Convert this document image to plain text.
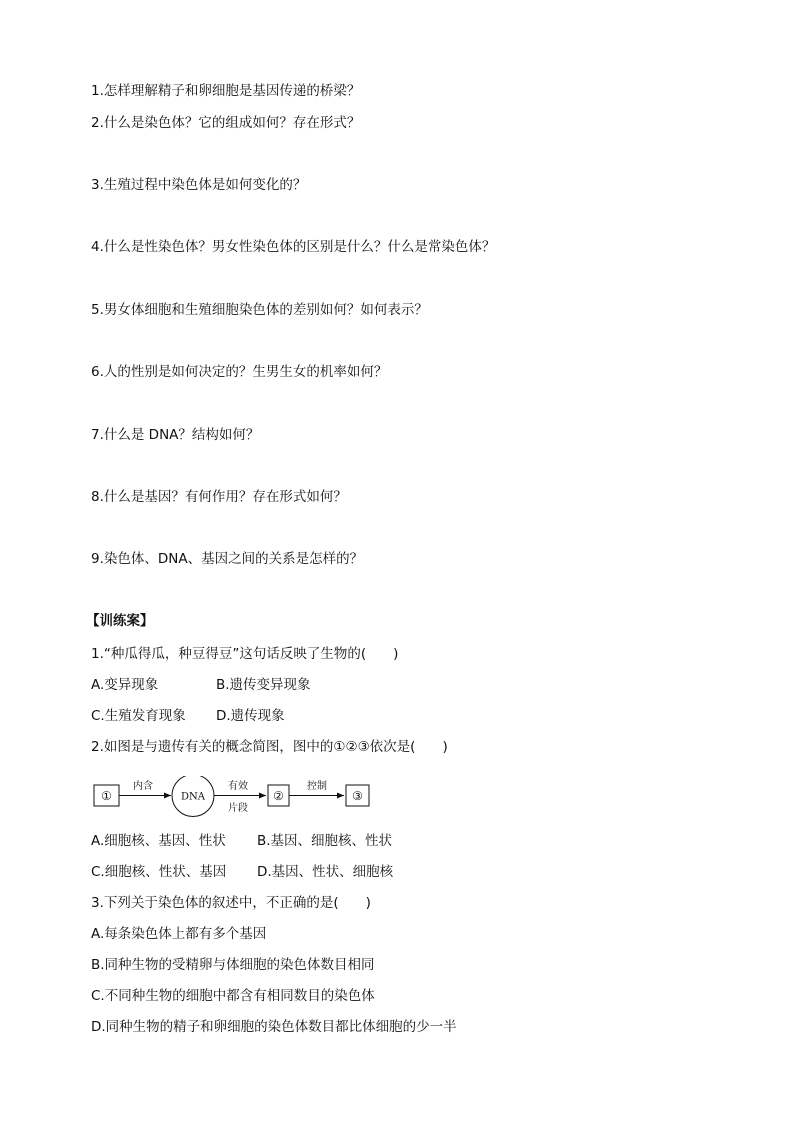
1.怎样理解精子和卵细胞是基因传递的桥梁？
2.什么是染色体？它的组成如何？存在形式？
3.生殖过程中染色体是如何变化的？
4.什么是性染色体？男女性染色体的区别是什么？什么是常染色体？
5.男女体细胞和生殖细胞染色体的差别如何？如何表示？
6.人的性别是如何决定的？生男生女的机率如何？
7.什么是 DNA？结构如何？
8.什么是基因？有何作用？存在形式如何？
9.染色体、DNA、基因之间的关系是怎样的？
【训练案】
1.“种瓜得瓜，种豆得豆”这句话反映了生物的(　　)
A.变异现象	B.遗传变异现象
C.生殖发育现象 D.遗传现象
2.如图是与遗传有关的概念简图，图中的①②③依次是(　　)
①
内含
DNA
有效
片段
②
控制
③
A.细胞核、基因、性状 B.基因、细胞核、性状
C.细胞核、性状、基因 D.基因、性状、细胞核
3.下列关于染色体的叙述中，不正确的是(　　)
A.每条染色体上都有多个基因
B.同种生物的受精卵与体细胞的染色体数目相同
C.不同种生物的细胞中都含有相同数目的染色体
D.同种生物的精子和卵细胞的染色体数目都比体细胞的少一半
